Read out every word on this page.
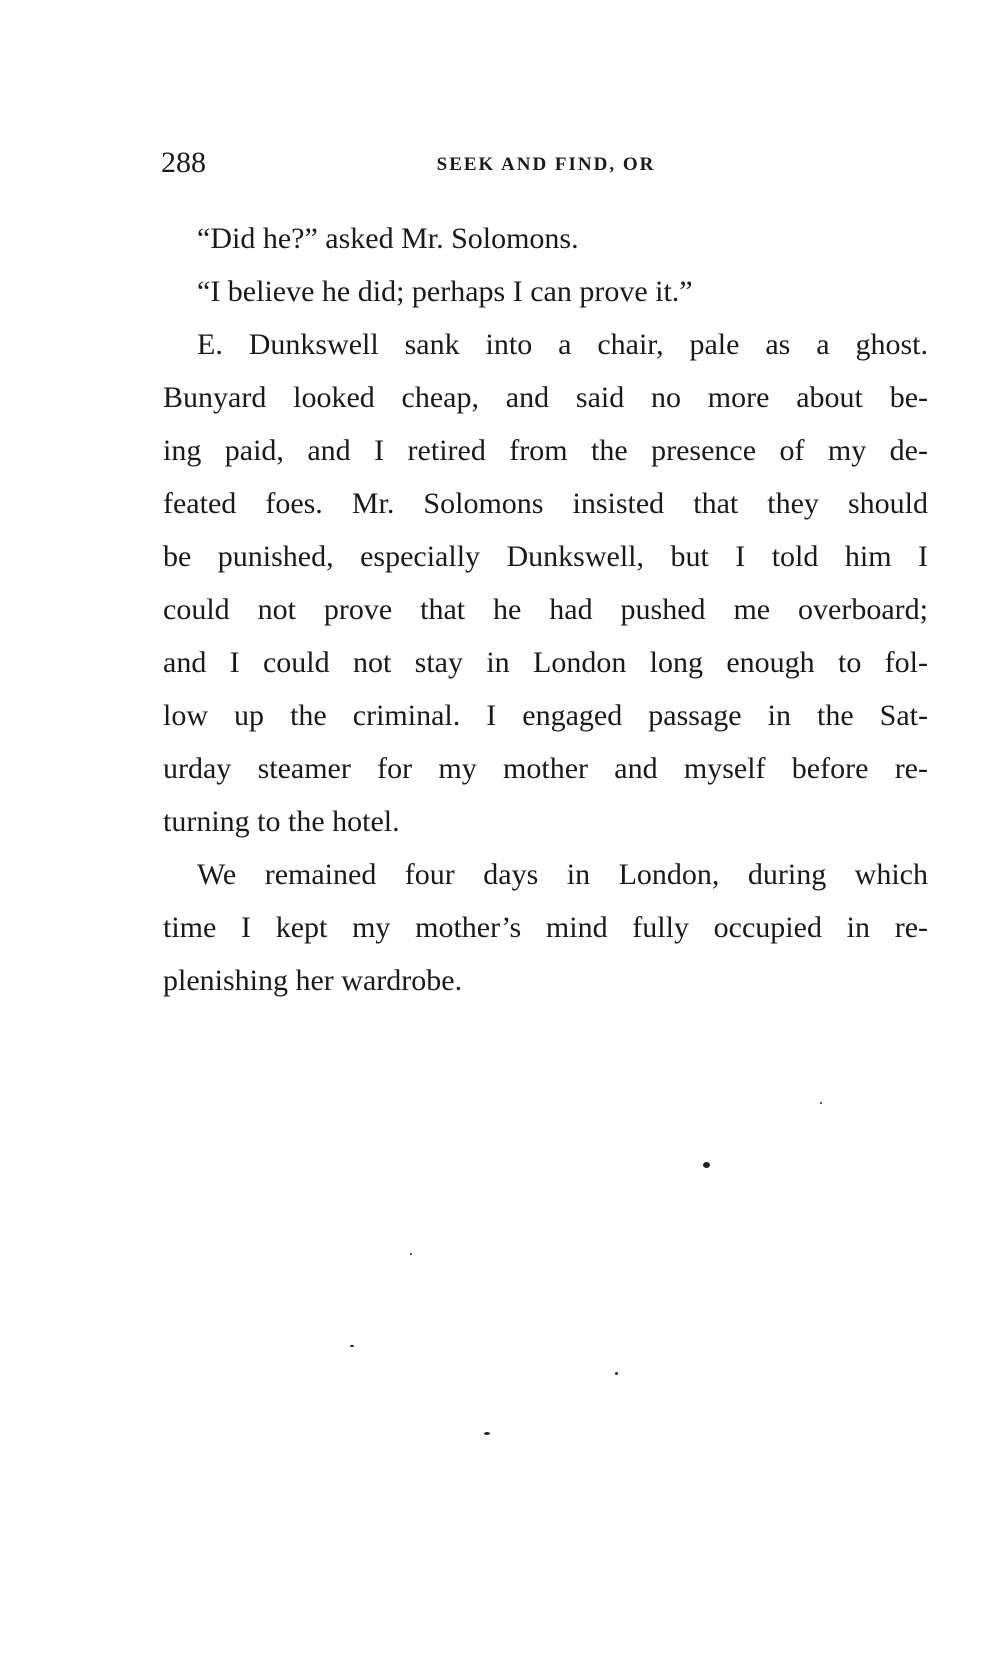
288	SEEK AND FIND, OR

“Did he?” asked Mr. Solomons.

“I believe he did; perhaps I can prove it.”

E. Dunkswell sank into a chair, pale as a ghost.
Bunyard looked cheap, and said no more about be-
ing paid, and I retired from the presence of my de-
feated foes. Mr. Solomons insisted that they should
be punished, especially Dunkswell, but I told him I
could not prove that he had pushed me overboard;
and I could not stay in London long enough to fol-
low up the criminal. I engaged passage in the Sat-
urday steamer for my mother and myself before re-
turning to the hotel.

We remained four days in London, during which
time I kept my mother’s mind fully occupied in re-
plenishing her wardrobe.
